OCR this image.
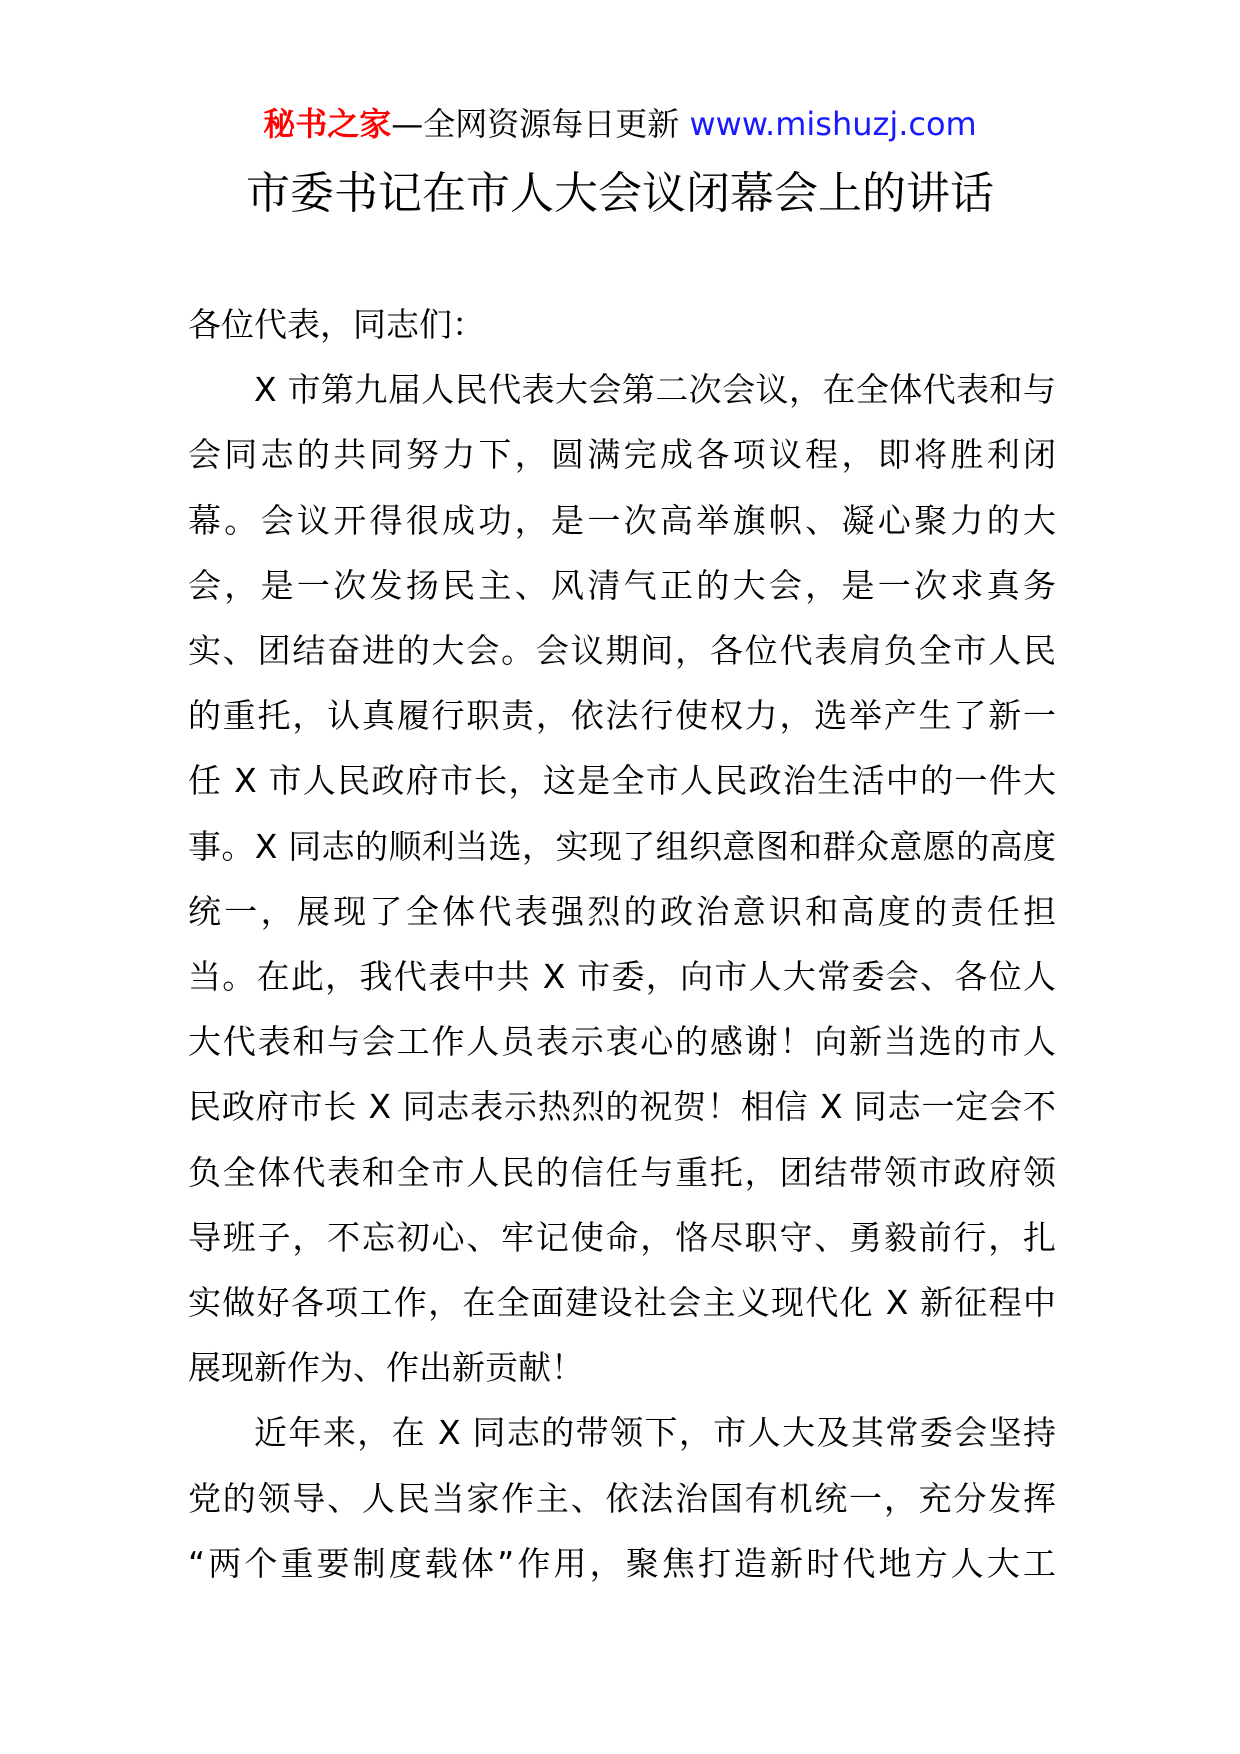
秘书之家—全网资源每日更新 www.mishuzj.com
市委书记在市人大会议闭幕会上的讲话

各位代表，同志们：

X 市第九届人民代表大会第二次会议，在全体代表和与
会同志的共同努力下，圆满完成各项议程，即将胜利闭
幕。会议开得很成功，是一次高举旗帜、凝心聚力的大
会，是一次发扬民主、风清气正的大会，是一次求真务
实、团结奋进的大会。会议期间，各位代表肩负全市人民
的重托，认真履行职责，依法行使权力，选举产生了新一
任 X 市人民政府市长，这是全市人民政治生活中的一件大
事。X 同志的顺利当选，实现了组织意图和群众意愿的高度
统一，展现了全体代表强烈的政治意识和高度的责任担
当。在此，我代表中共 X 市委，向市人大常委会、各位人
大代表和与会工作人员表示衷心的感谢！向新当选的市人
民政府市长 X 同志表示热烈的祝贺！相信 X 同志一定会不
负全体代表和全市人民的信任与重托，团结带领市政府领
导班子，不忘初心、牢记使命，恪尽职守、勇毅前行，扎
实做好各项工作，在全面建设社会主义现代化 X 新征程中
展现新作为、作出新贡献！
近年来，在 X 同志的带领下，市人大及其常委会坚持
党的领导、人民当家作主、依法治国有机统一，充分发挥
“两个重要制度载体”作用，聚焦打造新时代地方人大工
